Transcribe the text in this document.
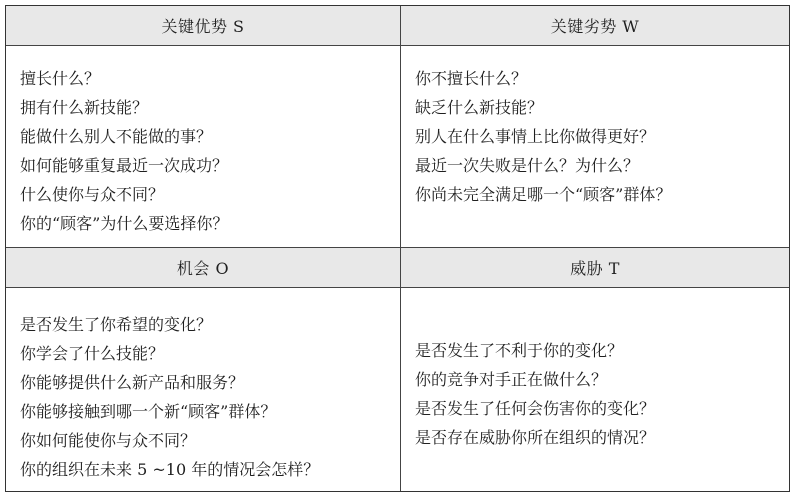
关键优势 S	关键劣势 W
擅长什么？
拥有什么新技能？
能做什么别人不能做的事？
如何能够重复最近一次成功？
什么使你与众不同？
你的“顾客”为什么要选择你？
你不擅长什么？
缺乏什么新技能？
别人在什么事情上比你做得更好？
最近一次失败是什么？为什么？
你尚未完全满足哪一个“顾客”群体？
机会 O	威胁 T
是否发生了你希望的变化？
你学会了什么技能？
你能够提供什么新产品和服务？
你能够接触到哪一个新“顾客”群体？
你如何能使你与众不同？
你的组织在未来 5 ~10 年的情况会怎样？
是否发生了不利于你的变化？
你的竞争对手正在做什么？
是否发生了任何会伤害你的变化？
是否存在威胁你所在组织的情况？
